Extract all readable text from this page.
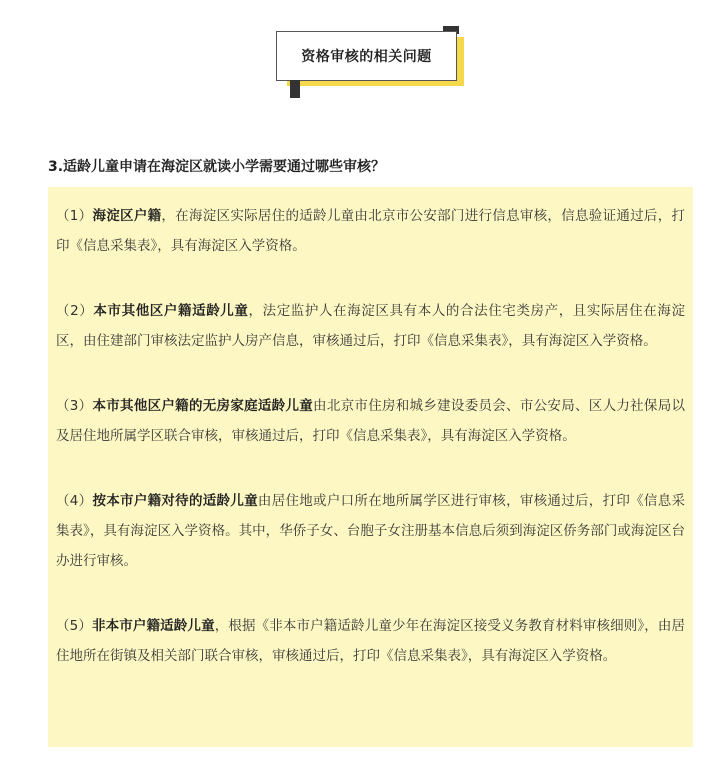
资格审核的相关问题
3.适龄儿童申请在海淀区就读小学需要通过哪些审核？

（1）海淀区户籍，在海淀区实际居住的适龄儿童由北京市公安部门进行信息审核，信息验证通过后，打印《信息采集表》，具有海淀区入学资格。

（2）本市其他区户籍适龄儿童，法定监护人在海淀区具有本人的合法住宅类房产，且实际居住在海淀区，由住建部门审核法定监护人房产信息，审核通过后，打印《信息采集表》，具有海淀区入学资格。

（3）本市其他区户籍的无房家庭适龄儿童由北京市住房和城乡建设委员会、市公安局、区人力社保局以及居住地所属学区联合审核，审核通过后，打印《信息采集表》，具有海淀区入学资格。

（4）按本市户籍对待的适龄儿童由居住地或户口所在地所属学区进行审核，审核通过后，打印《信息采集表》，具有海淀区入学资格。其中，华侨子女、台胞子女注册基本信息后须到海淀区侨务部门或海淀区台办进行审核。

（5）非本市户籍适龄儿童，根据《非本市户籍适龄儿童少年在海淀区接受义务教育材料审核细则》，由居住地所在街镇及相关部门联合审核，审核通过后，打印《信息采集表》，具有海淀区入学资格。
